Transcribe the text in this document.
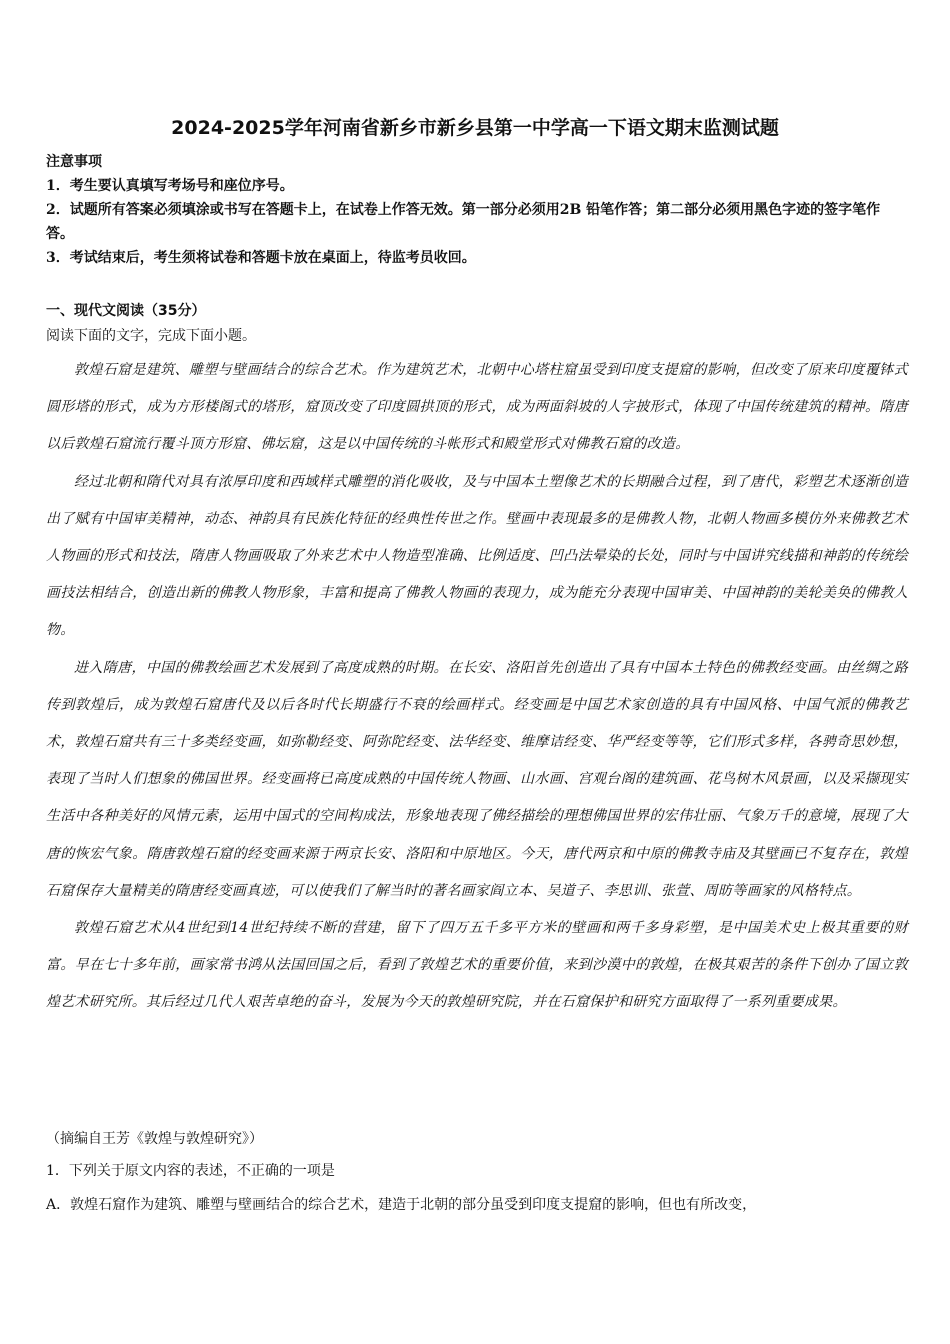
2024-2025学年河南省新乡市新乡县第一中学高一下语文期末监测试题
注意事项
1．考生要认真填写考场号和座位序号。
2．试题所有答案必须填涂或书写在答题卡上，在试卷上作答无效。第一部分必须用2B 铅笔作答；第二部分必须用黑色字迹的签字笔作答。
3．考试结束后，考生须将试卷和答题卡放在桌面上，待监考员收回。
一、现代文阅读（35分）
阅读下面的文字，完成下面小题。

敦煌石窟是建筑、雕塑与壁画结合的综合艺术。作为建筑艺术，北朝中心塔柱窟虽受到印度支提窟的影响，但改变了原来印度覆钵式圆形塔的形式，成为方形楼阁式的塔形，窟顶改变了印度圆拱顶的形式，成为两面斜坡的人字披形式，体现了中国传统建筑的精神。隋唐以后敦煌石窟流行覆斗顶方形窟、佛坛窟，这是以中国传统的斗帐形式和殿堂形式对佛教石窟的改造。

经过北朝和隋代对具有浓厚印度和西域样式雕塑的消化吸收，及与中国本土塑像艺术的长期融合过程，到了唐代，彩塑艺术逐渐创造出了赋有中国审美精神，动态、神韵具有民族化特征的经典性传世之作。壁画中表现最多的是佛教人物，北朝人物画多模仿外来佛教艺术人物画的形式和技法，隋唐人物画吸取了外来艺术中人物造型准确、比例适度、凹凸法晕染的长处，同时与中国讲究线描和神韵的传统绘画技法相结合，创造出新的佛教人物形象，丰富和提高了佛教人物画的表现力，成为能充分表现中国审美、中国神韵的美轮美奂的佛教人物。

进入隋唐，中国的佛教绘画艺术发展到了高度成熟的时期。在长安、洛阳首先创造出了具有中国本土特色的佛教经变画。由丝绸之路传到敦煌后，成为敦煌石窟唐代及以后各时代长期盛行不衰的绘画样式。经变画是中国艺术家创造的具有中国风格、中国气派的佛教艺术，敦煌石窟共有三十多类经变画，如弥勒经变、阿弥陀经变、法华经变、维摩诘经变、华严经变等等，它们形式多样，各骋奇思妙想，表现了当时人们想象的佛国世界。经变画将已高度成熟的中国传统人物画、山水画、宫观台阁的建筑画、花鸟树木风景画，以及采撷现实生活中各种美好的风情元素，运用中国式的空间构成法，形象地表现了佛经描绘的理想佛国世界的宏伟壮丽、气象万千的意境，展现了大唐的恢宏气象。隋唐敦煌石窟的经变画来源于两京长安、洛阳和中原地区。今天，唐代两京和中原的佛教寺庙及其壁画已不复存在，敦煌石窟保存大量精美的隋唐经变画真迹，可以使我们了解当时的著名画家阎立本、吴道子、李思训、张萱、周昉等画家的风格特点。

敦煌石窟艺术从4世纪到14世纪持续不断的营建，留下了四万五千多平方米的壁画和两千多身彩塑，是中国美术史上极其重要的财富。早在七十多年前，画家常书鸿从法国回国之后，看到了敦煌艺术的重要价值，来到沙漠中的敦煌，在极其艰苦的条件下创办了国立敦煌艺术研究所。其后经过几代人艰苦卓绝的奋斗，发展为今天的敦煌研究院，并在石窟保护和研究方面取得了一系列重要成果。

（摘编自王芳《敦煌与敦煌研究》）
1．下列关于原文内容的表述，不正确的一项是
A．敦煌石窟作为建筑、雕塑与壁画结合的综合艺术，建造于北朝的部分虽受到印度支提窟的影响，但也有所改变，
